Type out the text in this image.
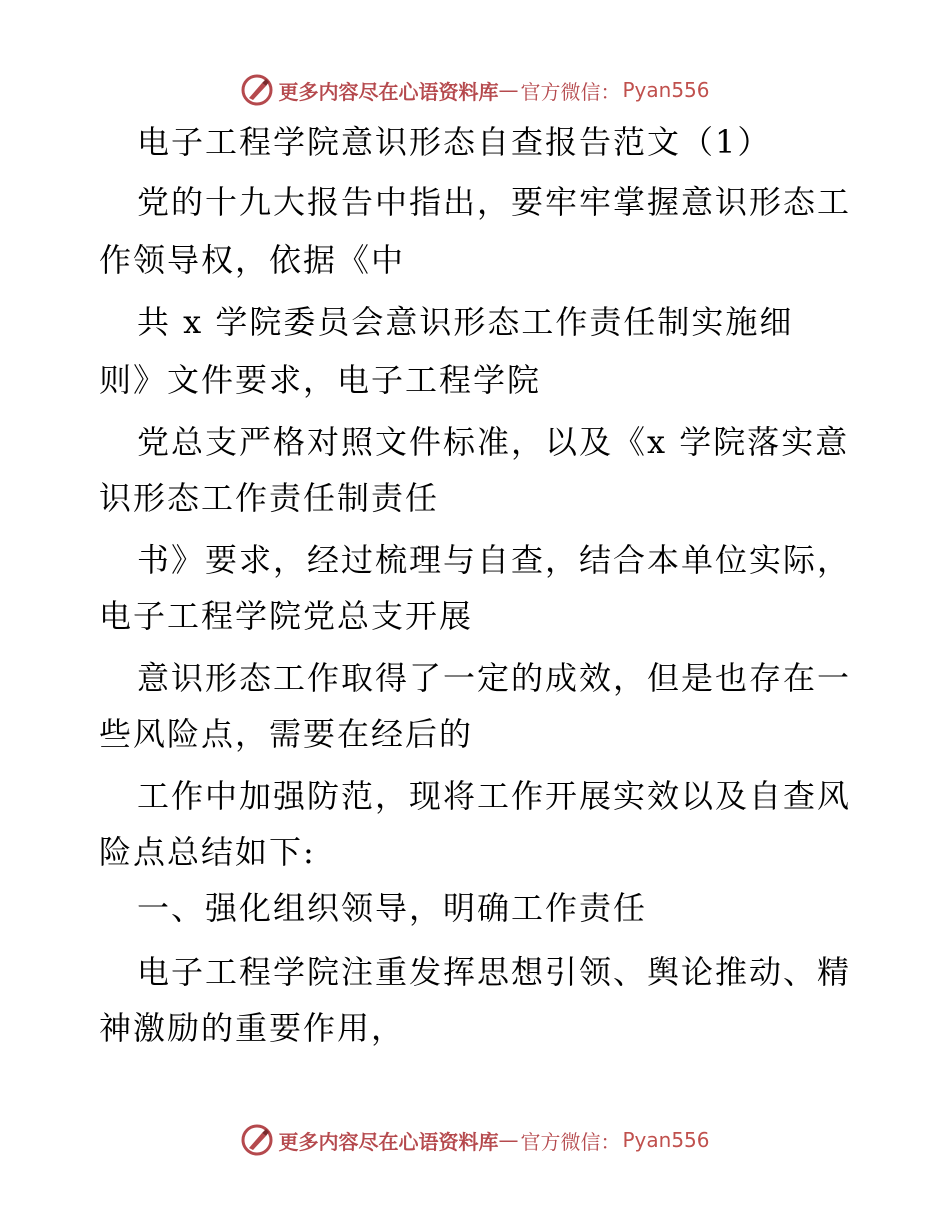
更多内容尽在心语资料库 — 官方微信： Pyan556
电子工程学院意识形态自查报告范文（1）
党的十九大报告中指出，要牢牢掌握意识形态工
作领导权，依据《中
共 x 学院委员会意识形态工作责任制实施细
则》文件要求，电子工程学院
党总支严格对照文件标准，以及《x 学院落实意
识形态工作责任制责任
书》要求，经过梳理与自查，结合本单位实际，
电子工程学院党总支开展
意识形态工作取得了一定的成效，但是也存在一
些风险点，需要在经后的
工作中加强防范，现将工作开展实效以及自查风
险点总结如下:
一、强化组织领导，明确工作责任
电子工程学院注重发挥思想引领、舆论推动、精
神激励的重要作用，
更多内容尽在心语资料库 — 官方微信： Pyan556
